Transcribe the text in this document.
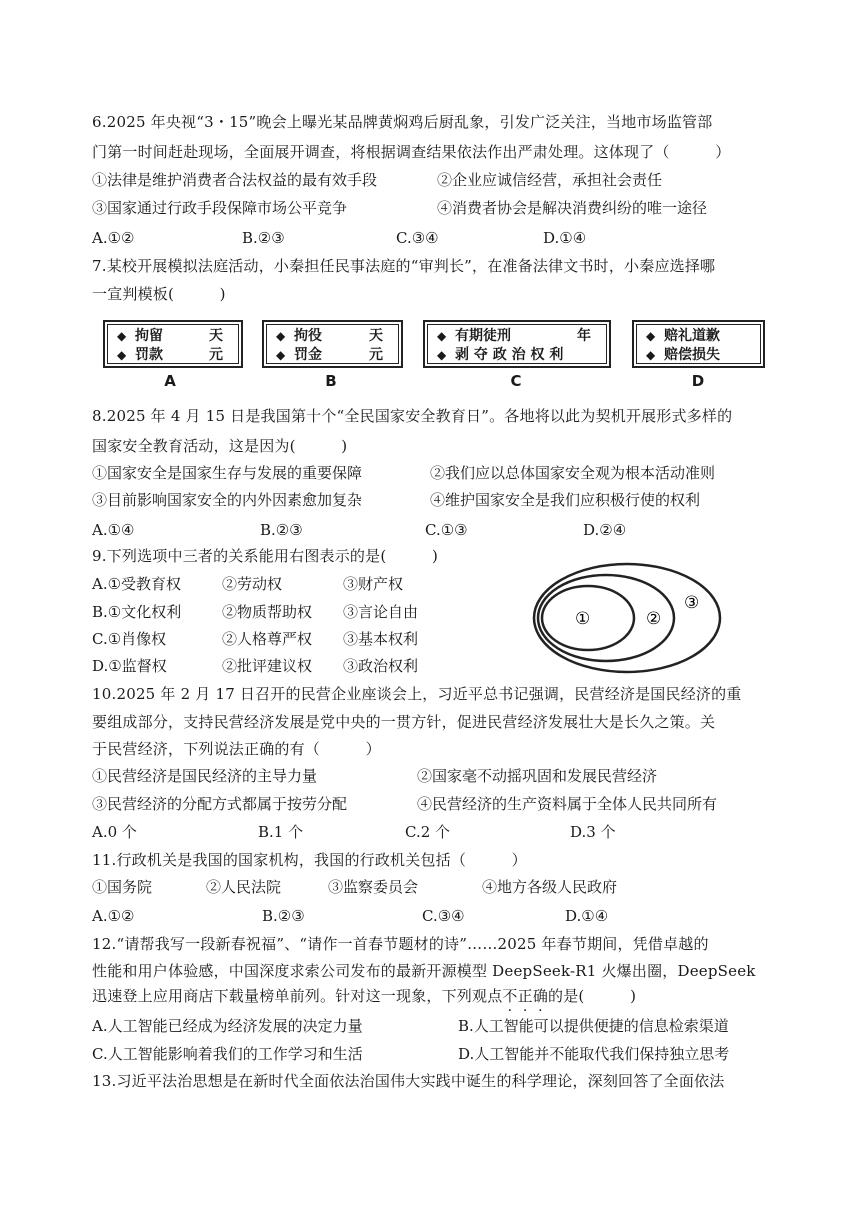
6.2025 年央视“3・15”晚会上曝光某品牌黄焖鸡后厨乱象，引发广泛关注，当地市场监管部
门第一时间赶赴现场，全面展开调查，将根据调查结果依法作出严肃处理。这体现了（　　　）
①法律是维护消费者合法权益的最有效手段	②企业应诚信经营，承担社会责任
③国家通过行政手段保障市场公平竞争	④消费者协会是解决消费纠纷的唯一途径
A.①②	B.②③	C.③④	D.①④
7.某校开展模拟法庭活动，小秦担任民事法庭的“审判长”，在准备法律文书时，小秦应选择哪
一宣判模板(　　　)
◆ 拘留	天
◆ 罚款	元
◆ 拘役	天
◆ 罚金	元
◆ 有期徒刑	年
◆ 剥 夺 政 治 权 利
◆ 赔礼道歉
◆ 赔偿损失
A	B	C	D
8.2025 年 4 月 15 日是我国第十个“全民国家安全教育日”。各地将以此为契机开展形式多样的
国家安全教育活动，这是因为(　　　)
①国家安全是国家生存与发展的重要保障	②我们应以总体国家安全观为根本活动准则
③目前影响国家安全的内外因素愈加复杂	④维护国家安全是我们应积极行使的权利
A.①④	B.②③	C.①③	D.②④
9.下列选项中三者的关系能用右图表示的是(　　　)
A.①受教育权	②劳动权	③财产权
B.①文化权利	②物质帮助权 ③言论自由
C.①肖像权	②人格尊严权 ③基本权利
D.①监督权	②批评建议权 ③政治权利
①	②
③
10.2025 年 2 月 17 日召开的民营企业座谈会上，习近平总书记强调，民营经济是国民经济的重
要组成部分，支持民营经济发展是党中央的一贯方针，促进民营经济发展壮大是长久之策。关
于民营经济，下列说法正确的有（　　　）
①民营经济是国民经济的主导力量	②国家毫不动摇巩固和发展民营经济
③民营经济的分配方式都属于按劳分配	④民营经济的生产资料属于全体人民共同所有
A.0 个	B.1 个	C.2 个	D.3 个
11.行政机关是我国的国家机构，我国的行政机关包括（　　　）
①国务院	②人民法院	③监察委员会	④地方各级人民政府
A.①②	B.②③	C.③④	D.①④
12.“请帮我写一段新春祝福”、“请作一首春节题材的诗”……2025 年春节期间，凭借卓越的
性能和用户体验感，中国深度求索公司发布的最新开源模型 DeepSeek-R1 火爆出圈，DeepSeek
迅速登上应用商店下载量榜单前列。针对这一现象，下列观点不正确的是(　　　)
A.人工智能已经成为经济发展的决定力量	B.人工智能可以提供便捷的信息检索渠道
C.人工智能影响着我们的工作学习和生活	D.人工智能并不能取代我们保持独立思考
13.习近平法治思想是在新时代全面依法治国伟大实践中诞生的科学理论，深刻回答了全面依法
